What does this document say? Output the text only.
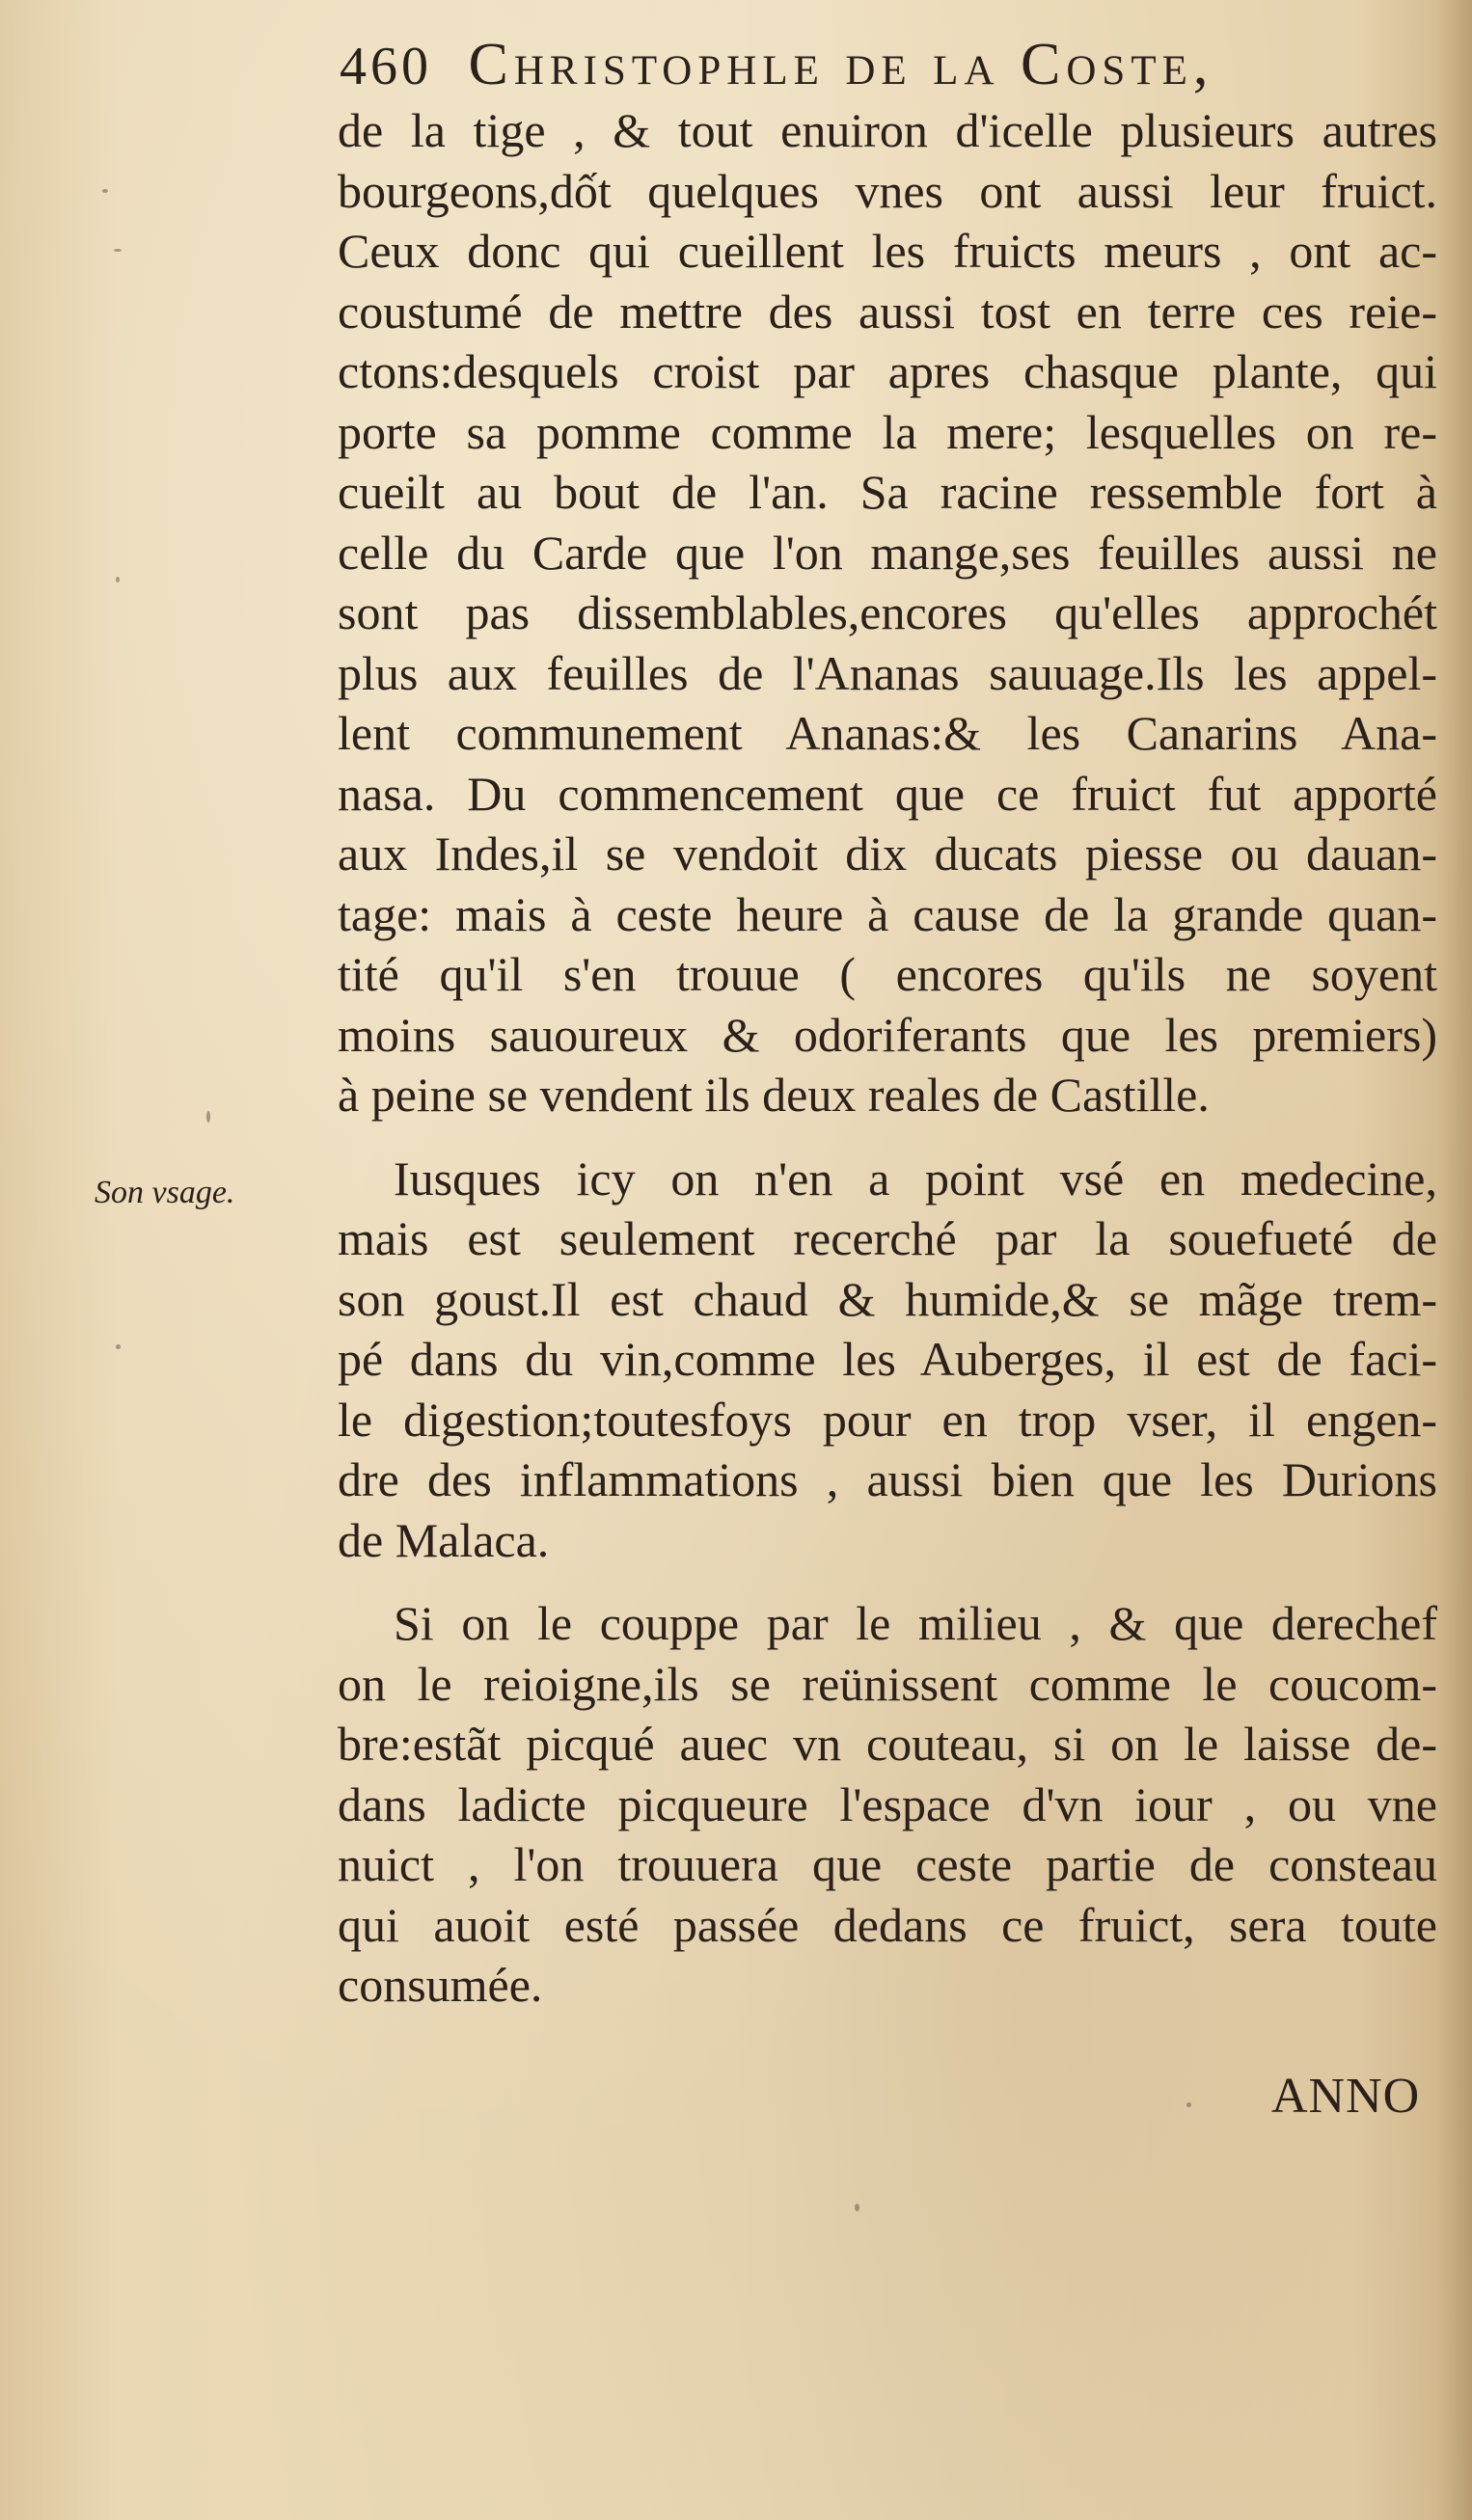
460 Christophle de la Coste,
de la tige , & tout enuiron d'icelle plusieurs autres
bourgeons,dốt quelques vnes ont aussi leur fruict.
Ceux donc qui cueillent les fruicts meurs , ont ac-
coustumé de mettre des aussi tost en terre ces reie-
ctons:desquels croist par apres chasque plante, qui
porte sa pomme comme la mere; lesquelles on re-
cueilt au bout de l'an. Sa racine ressemble fort à
celle du Carde que l'on mange,ses feuilles aussi ne
sont pas dissemblables,encores qu'elles approchét
plus aux feuilles de l'Ananas sauuage.Ils les appel-
lent communement Ananas:& les Canarins Ana-
nasa. Du commencement que ce fruict fut apporté
aux Indes,il se vendoit dix ducats piesse ou dauan-
tage: mais à ceste heure à cause de la grande quan-
tité qu'il s'en trouue ( encores qu'ils ne soyent
moins sauoureux & odoriferants que les premiers)
à peine se vendent ils deux reales de Castille.
Iusques icy on n'en a point vsé en medecine,
mais est seulement recerché par la souefueté de
son goust.Il est chaud & humide,& se mãge trem-
pé dans du vin,comme les Auberges, il est de faci-
le digestion;toutesfoys pour en trop vser, il engen-
dre des inflammations , aussi bien que les Durions
de Malaca.
Si on le couppe par le milieu , & que derechef
on le reioigne,ils se reünissent comme le coucom-
bre:estãt picqué auec vn couteau, si on le laisse de-
dans ladicte picqueure l'espace d'vn iour , ou vne
nuict , l'on trouuera que ceste partie de consteau
qui auoit esté passée dedans ce fruict, sera toute
consumée.
Son vsage.
ANNO
